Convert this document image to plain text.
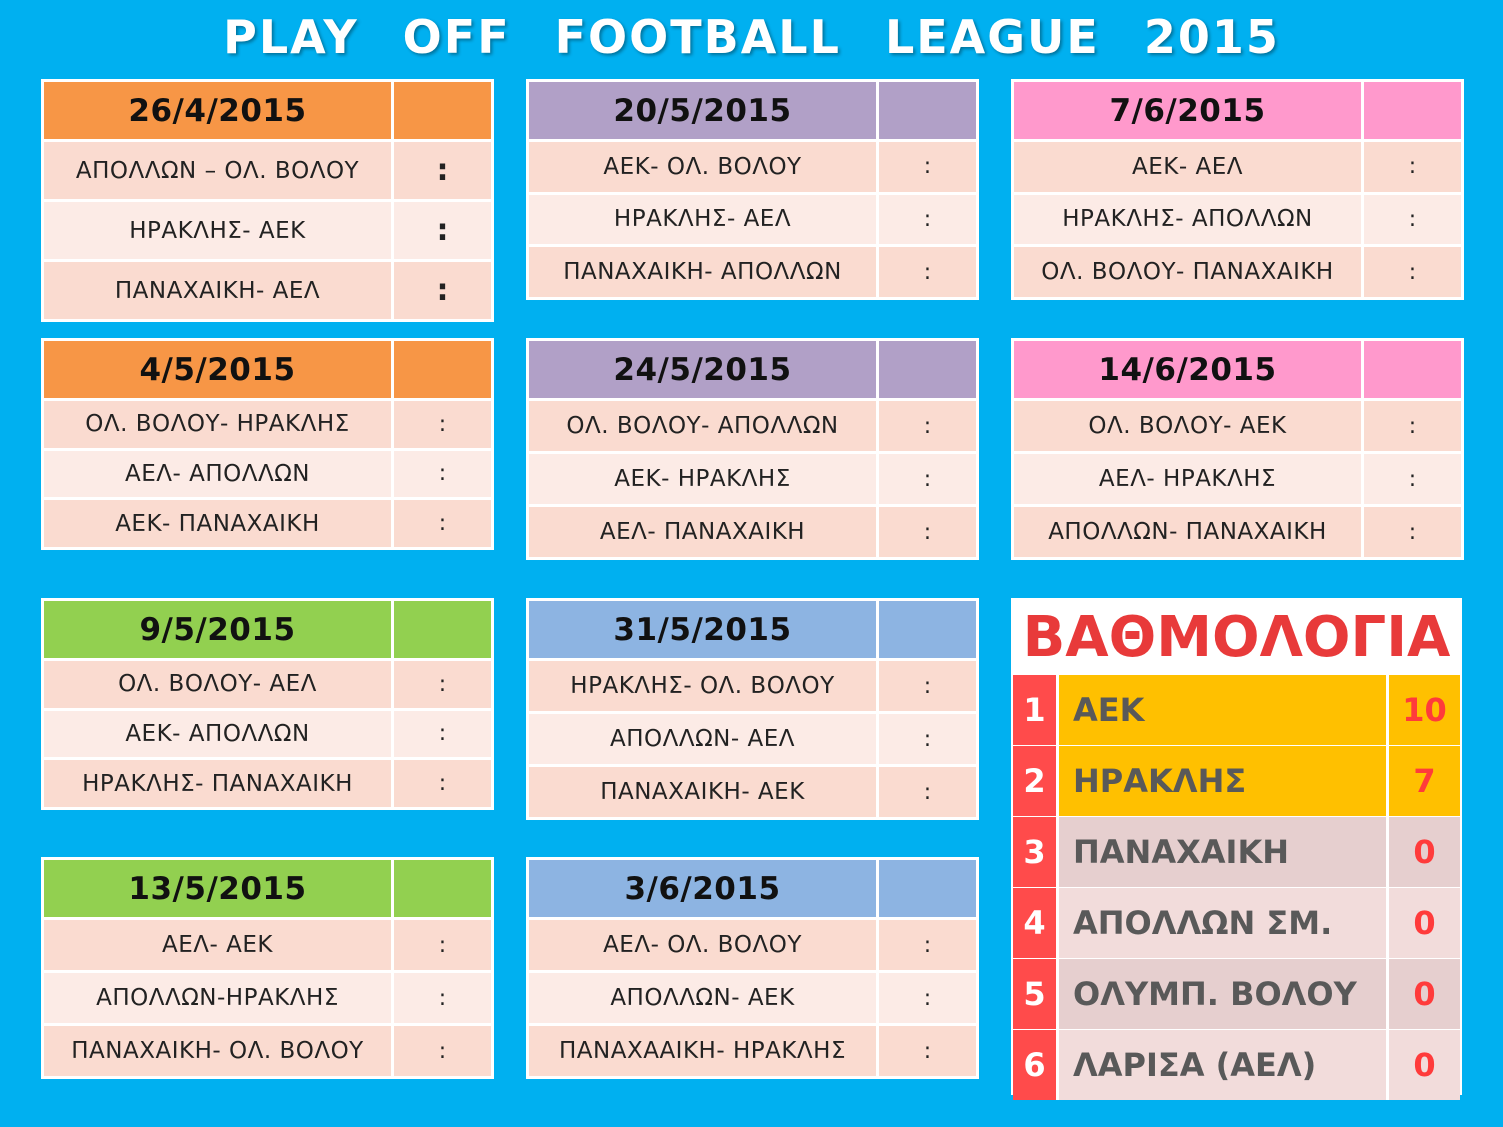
PLAY OFF FOOTBALL LEAGUE 2015
26/4/2015	
ΑΠΟΛΛΩΝ – ΟΛ. ΒΟΛΟΥ	:
ΗΡΑΚΛΗΣ- ΑΕΚ	:
ΠΑΝΑΧΑΙΚΗ- ΑΕΛ	:
20/5/2015	
ΑΕΚ- ΟΛ. ΒΟΛΟΥ	:
ΗΡΑΚΛΗΣ- ΑΕΛ	:
ΠΑΝΑΧΑΙΚΗ- ΑΠΟΛΛΩΝ	:
7/6/2015	
ΑΕΚ- ΑΕΛ	:
ΗΡΑΚΛΗΣ- ΑΠΟΛΛΩΝ	:
ΟΛ. ΒΟΛΟΥ- ΠΑΝΑΧΑΙΚΗ	:
4/5/2015	
ΟΛ. ΒΟΛΟΥ- ΗΡΑΚΛΗΣ	:
ΑΕΛ- ΑΠΟΛΛΩΝ	:
ΑΕΚ- ΠΑΝΑΧΑΙΚΗ	:
24/5/2015	
ΟΛ. ΒΟΛΟΥ- ΑΠΟΛΛΩΝ	:
ΑΕΚ- ΗΡΑΚΛΗΣ	:
ΑΕΛ- ΠΑΝΑΧΑΙΚΗ	:
14/6/2015	
ΟΛ. ΒΟΛΟΥ- ΑΕΚ	:
ΑΕΛ- ΗΡΑΚΛΗΣ	:
ΑΠΟΛΛΩΝ- ΠΑΝΑΧΑΙΚΗ	:
9/5/2015	
ΟΛ. ΒΟΛΟΥ- ΑΕΛ	:
ΑΕΚ- ΑΠΟΛΛΩΝ	:
ΗΡΑΚΛΗΣ- ΠΑΝΑΧΑΙΚΗ	:
31/5/2015	
ΗΡΑΚΛΗΣ- ΟΛ. ΒΟΛΟΥ	:
ΑΠΟΛΛΩΝ- ΑΕΛ	:
ΠΑΝΑΧΑΙΚΗ- ΑΕΚ	:
13/5/2015	
ΑΕΛ- ΑΕΚ	:
ΑΠΟΛΛΩΝ-ΗΡΑΚΛΗΣ	:
ΠΑΝΑΧΑΙΚΗ- ΟΛ. ΒΟΛΟΥ	:
3/6/2015	
ΑΕΛ- ΟΛ. ΒΟΛΟΥ	:
ΑΠΟΛΛΩΝ- ΑΕΚ	:
ΠΑΝΑΧΑΑΙΚΗ- ΗΡΑΚΛΗΣ	:
ΒΑΘΜΟΛΟΓΙΑ
1 ΑΕΚ	10
2 ΗΡΑΚΛΗΣ	7
3 ΠΑΝΑΧΑΙΚΗ	0
4 ΑΠΟΛΛΩΝ ΣΜ.	0
5 ΟΛΥΜΠ. ΒΟΛΟΥ	0
6 ΛΑΡΙΣΑ (ΑΕΛ)	0
